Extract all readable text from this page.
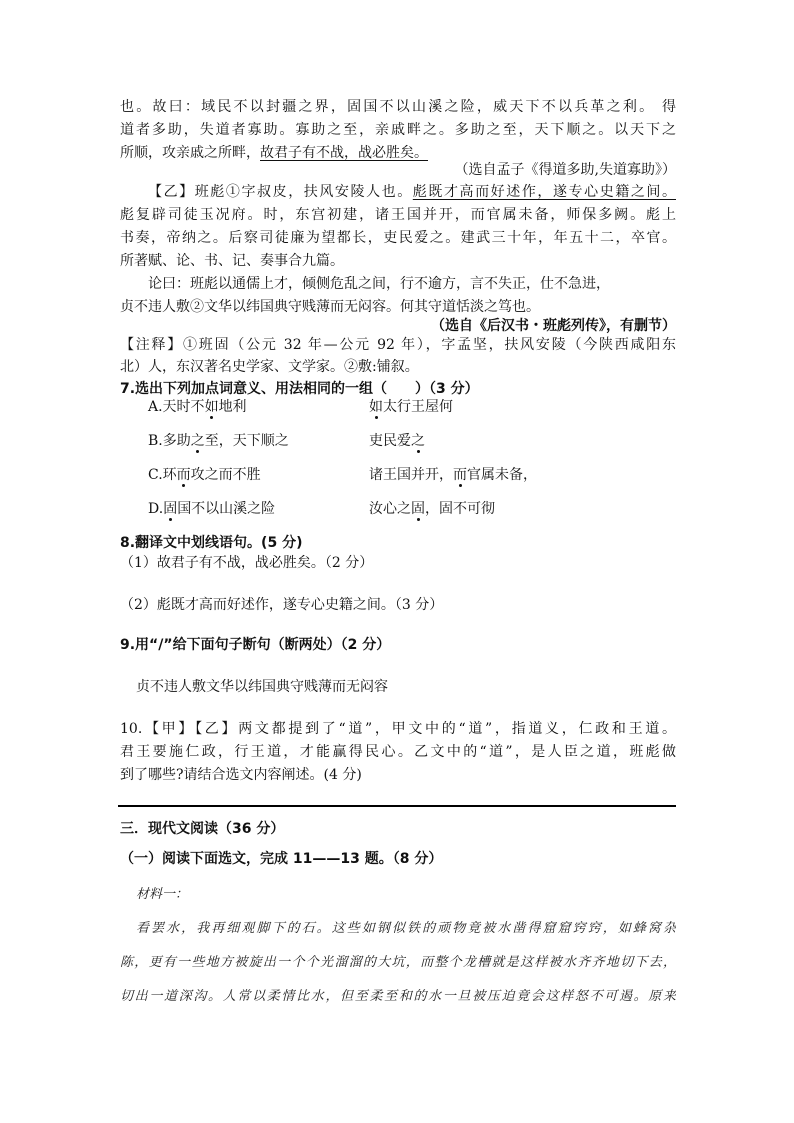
也。故曰：域民不以封疆之界，固国不以山溪之险，威天下不以兵革之利。 得

道者多助，失道者寡助。寡助之至，亲戚畔之。多助之至，天下顺之。以天下之

所顺，攻亲戚之所畔，故君子有不战，战必胜矣。

（选自孟子《得道多助,失道寡助》）

【乙】班彪①字叔皮，扶风安陵人也。彪既才高而好述作，遂专心史籍之间。

彪复辟司徒玉况府。时，东宫初建，诸王国并开，而官属未备，师保多阙。彪上

书奏，帝纳之。后察司徒廉为望都长，吏民爱之。建武三十年，年五十二，卒官。

所著赋、论、书、记、奏事合九篇。

论曰：班彪以通儒上才，倾侧危乱之间，行不逾方，言不失正，仕不急进，

贞不违人敷②文华以纬国典守贱薄而无闷容。何其守道恬淡之笃也。

（选自《后汉书・班彪列传》，有删节）

【注释】①班固（公元 32 年—公元 92 年），字孟坚，扶风安陵（今陕西咸阳东

北）人，东汉著名史学家、文学家。②敷:铺叙。

7.选出下列加点词意义、用法相同的一组（　　）（3 分）

A.天时不如地利	如太行王屋何
B.多助之至，天下顺之	吏民爱之
C.环而攻之而不胜	诸王国并开，而官属未备，
D.固国不以山溪之险	汝心之固，固不可彻

8.翻译文中划线语句。(5 分)

（1）故君子有不战，战必胜矣。（2 分）

（2）彪既才高而好述作，遂专心史籍之间。（3 分）

9.用“/”给下面句子断句（断两处）（2 分）

贞不违人敷文华以纬国典守贱薄而无闷容

10.【甲】【乙】两文都提到了“道”，甲文中的“道”，指道义，仁政和王道。

君王要施仁政，行王道，才能赢得民心。乙文中的“道”，是人臣之道，班彪做

到了哪些?请结合选文内容阐述。(4 分)

三．现代文阅读（36 分）

（一）阅读下面选文，完成 11——13 题。（8 分）

材料一：

看罢水，我再细观脚下的石。这些如钢似铁的顽物竟被水凿得窟窟窍窍，如蜂窝杂

陈，更有一些地方被旋出一个个光溜溜的大坑，而整个龙槽就是这样被水齐齐地切下去，

切出一道深沟。人常以柔情比水，但至柔至和的水一旦被压迫竟会这样怒不可遏。原来
